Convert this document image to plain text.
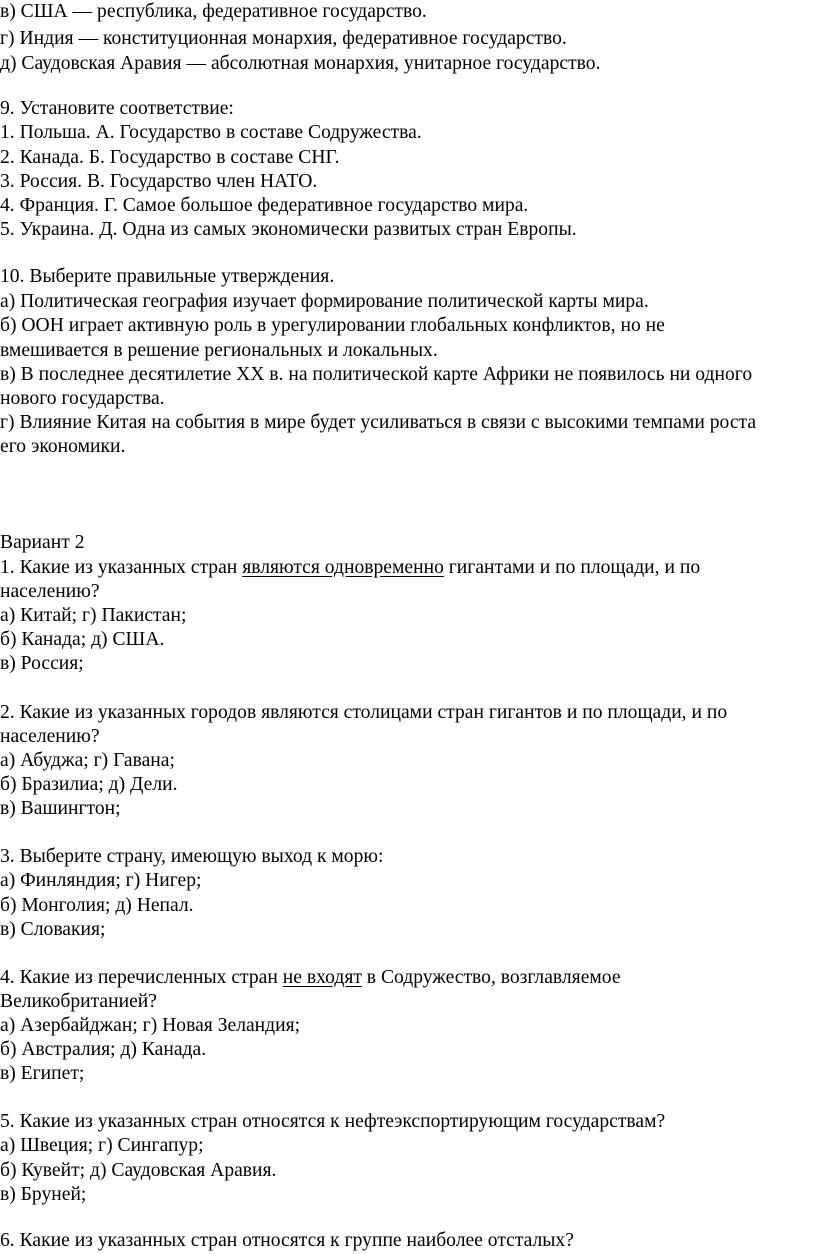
в) США — республика, федеративное государство.
г) Индия — конституционная монархия, федеративное государство.
д) Саудовская Аравия — абсолютная монархия, унитарное государство.
9. Установите соответствие:
1. Польша. А. Государство в составе Содружества.
2. Канада. Б. Государство в составе СНГ.
3. Россия. В. Государство член НАТО.
4. Франция. Г. Самое большое федеративное государство мира.
5. Украина. Д. Одна из самых экономически развитых стран Европы.
10. Выберите правильные утверждения.
а) Политическая география изучает формирование политической карты мира.
б) ООН играет активную роль в урегулировании глобальных конфликтов, но не
вмешивается в решение региональных и локальных.
в) В последнее десятилетие XX в. на политической карте Африки не появилось ни одного
нового государства.
г) Влияние Китая на события в мире будет усиливаться в связи с высокими темпами роста
его экономики.
Вариант 2
1. Какие из указанных стран являются одновременно гигантами и по площади, и по
населению?
а) Китай; г) Пакистан;
б) Канада; д) США.
в) Россия;
2. Какие из указанных городов являются столицами стран гигантов и по площади, и по
населению?
а) Абуджа; г) Гавана;
б) Бразилиа; д) Дели.
в) Вашингтон;
3. Выберите страну, имеющую выход к морю:
а) Финляндия; г) Нигер;
б) Монголия; д) Непал.
в) Словакия;
4. Какие из перечисленных стран не входят в Содружество, возглавляемое
Великобританией?
а) Азербайджан; г) Новая Зеландия;
б) Австралия; д) Канада.
в) Египет;
5. Какие из указанных стран относятся к нефтеэкспортирующим государствам?
а) Швеция; г) Сингапур;
б) Кувейт; д) Саудовская Аравия.
в) Бруней;
6. Какие из указанных стран относятся к группе наиболее отсталых?
